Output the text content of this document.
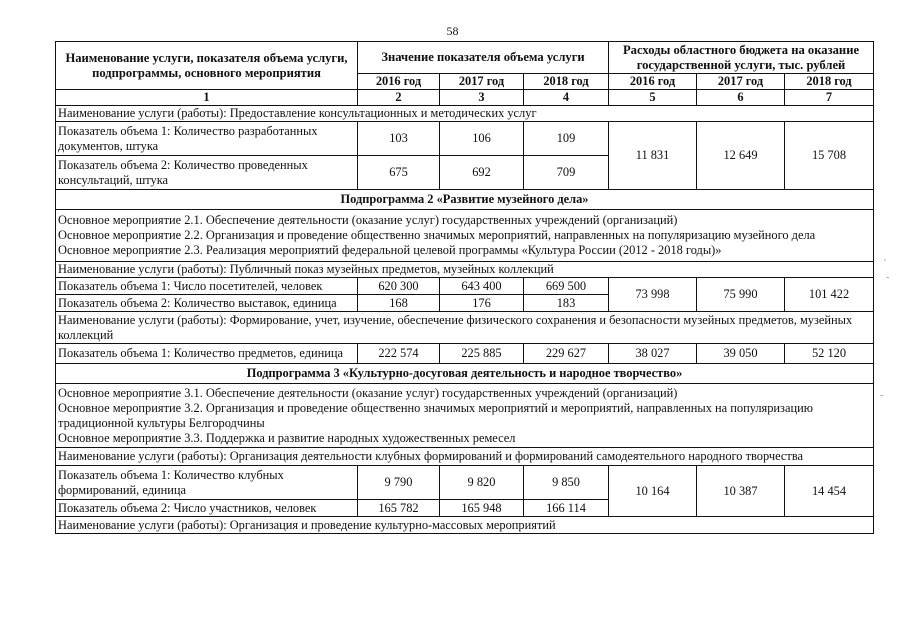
58
Наименование услуги, показателя объема услуги, подпрограммы, основного мероприятия	Значение показателя объема услуги			Расходы областного бюджета на оказание государственной услуги, тыс. рублей		
	2016 год	2017 год	2018 год	2016 год	2017 год	2018 год
1	2	3	4	5	6	7
Наименование услуги (работы): Предоставление консультационных и методических услуг						
Показатель объема 1: Количество разработанных документов, штука	103	106	109	11 831	12 649	15 708
Показатель объема 2: Количество проведенных консультаций, штука	675	692	709			
Подпрограмма 2 «Развитие музейного дела»						

Основное мероприятие 2.1. Обеспечение деятельности (оказание услуг) государственных учреждений (организаций)
Основное мероприятие 2.2. Организация и проведение общественно значимых мероприятий, направленных на популяризацию музейного дела
Основное мероприятие 2.3. Реализация мероприятий федеральной целевой программы «Культура России (2012 - 2018 годы)»						

Наименование услуги (работы): Публичный показ музейных предметов, музейных коллекций						
Показатель объема 1: Число посетителей, человек	620 300	643 400	669 500	73 998	75 990	101 422
Показатель объема 2: Количество выставок, единица	168	176	183			
Наименование услуги (работы): Формирование, учет, изучение, обеспечение физического сохранения и безопасности музейных предметов, музейных коллекций						
Показатель объема 1: Количество предметов, единица	222 574	225 885	229 627	38 027	39 050	52 120
Подпрограмма 3 «Культурно-досуговая деятельность и народное творчество»						

Основное мероприятие 3.1. Обеспечение деятельности (оказание услуг) государственных учреждений (организаций)
Основное мероприятие 3.2. Организация и проведение общественно значимых мероприятий и мероприятий, направленных на популяризацию традиционной культуры Белгородчины
Основное мероприятие 3.3. Поддержка и развитие народных художественных ремесел						

Наименование услуги (работы): Организация деятельности клубных формирований и формирований самодеятельного народного творчества						
Показатель объема 1: Количество клубных формирований, единица	9 790	9 820	9 850	10 164	10 387	14 454
Показатель объема 2: Число участников, человек	165 782	165 948	166 114			
Наименование услуги (работы): Организация и проведение культурно-массовых мероприятий						
'
-
-
